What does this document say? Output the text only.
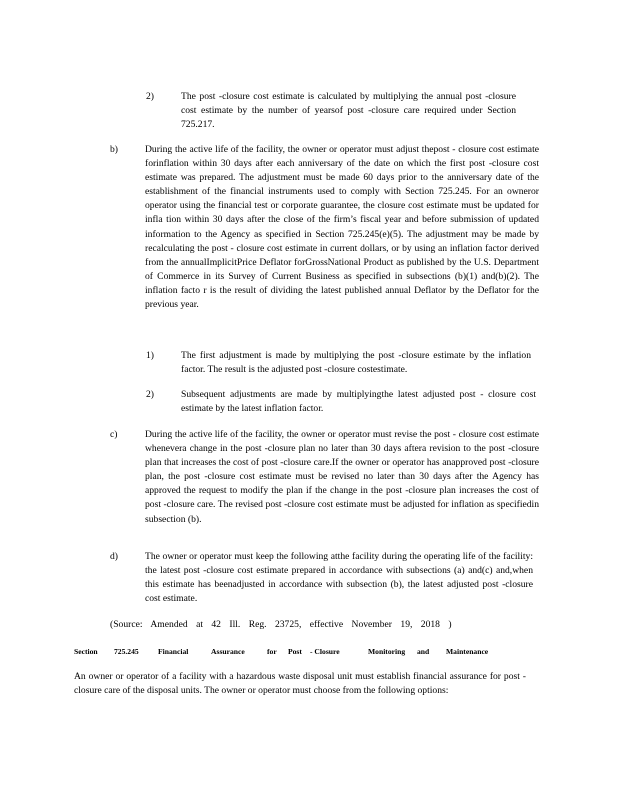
2)	The post -closure cost estimate is calculated by multiplying the annual post -closure cost estimate by the number of yearsof post -closure care required under Section 725.217.
b)	During the active life of the facility, the owner or operator must adjust thepost - closure cost estimate forinflation within 30 days after each anniversary of the date on which the first post -closure cost estimate was prepared. The adjustment must be made 60 days prior to the anniversary date of the establishment of the financial instruments used to comply with Section 725.245. For an owneror operator using the financial test or corporate guarantee, the closure cost estimate must be updated for infla tion within 30 days after the close of the firm’s fiscal year and before submission of updated information to the Agency as specified in Section 725.245(e)(5). The adjustment may be made by recalculating the post - closure cost estimate in current dollars, or by using an inflation factor derived from the annualImplicitPrice Deflator forGrossNational Product as published by the U.S. Department of Commerce in its Survey of Current Business as specified in subsections (b)(1) and(b)(2). The inflation facto r is the result of dividing the latest published annual Deflator by the Deflator for the previous year.
1)	The first adjustment is made by multiplying the post -closure estimate by the inflation factor. The result is the adjusted post -closure costestimate.
2)	Subsequent adjustments are made by multiplyingthe latest adjusted post - closure cost estimate by the latest inflation factor.
c)	During the active life of the facility, the owner or operator must revise the post - closure cost estimate whenevera change in the post -closure plan no later than 30 days aftera revision to the post -closure plan that increases the cost of post -closure care.If the owner or operator has anapproved post -closure plan, the post -closure cost estimate must be revised no later than 30 days after the Agency has approved the request to modify the plan if the change in the post -closure plan increases the cost of post -closure care. The revised post -closure cost estimate must be adjusted for inflation as specifiedin subsection (b).
d)	The owner or operator must keep the following atthe facility during the operating life of the facility: the latest post -closure cost estimate prepared in accordance with subsections (a) and(c) and,when this estimate has beenadjusted in accordance with subsection (b), the latest adjusted post -closure cost estimate.
(Source: Amended at 42 Ill. Reg. 23725, effective November 19, 2018 )
Section 725.245	Financial	Assurance	for Post - Closure	Monitoring and Maintenance
An owner or operator of a facility with a hazardous waste disposal unit must establish financial assurance for post -closure care of the disposal units. The owner or operator must choose from the following options:
